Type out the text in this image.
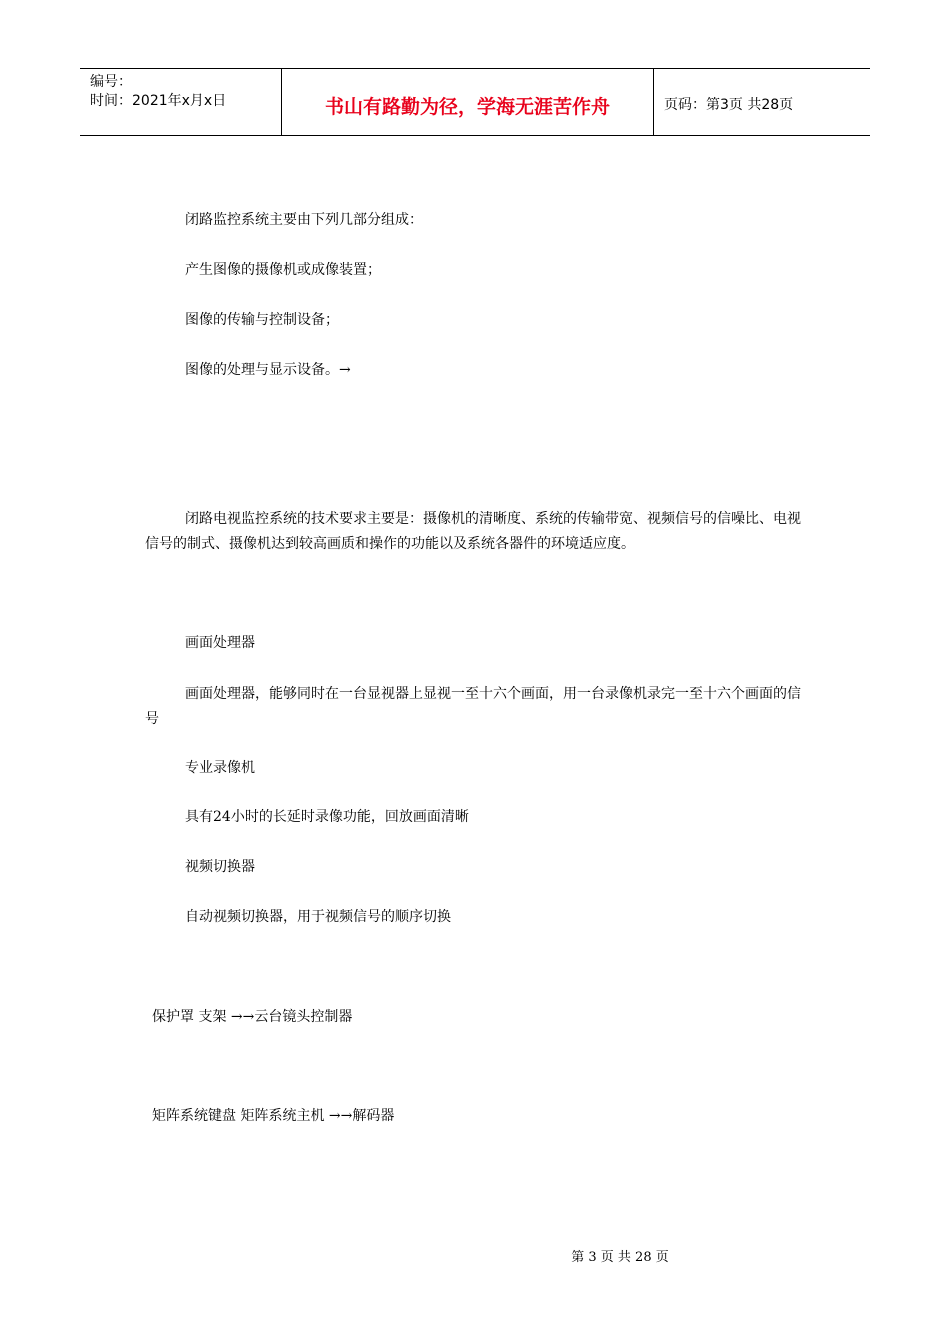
编号：
时间：2021年x月x日	书山有路勤为径，学海无涯苦作舟	页码：第3页 共28页
闭路监控系统主要由下列几部分组成：
产生图像的摄像机或成像装置；
图像的传输与控制设备；
图像的处理与显示设备。→
闭路电视监控系统的技术要求主要是：摄像机的清晰度、系统的传输带宽、视频信号的信噪比、电视信号的制式、摄像机达到较高画质和操作的功能以及系统各器件的环境适应度。
画面处理器
画面处理器，能够同时在一台显视器上显视一至十六个画面，用一台录像机录完一至十六个画面的信号
专业录像机
具有24小时的长延时录像功能，回放画面清晰
视频切换器
自动视频切换器，用于视频信号的顺序切换
保护罩 支架 →→云台镜头控制器
矩阵系统键盘 矩阵系统主机 →→解码器
第 3 页 共 28 页
